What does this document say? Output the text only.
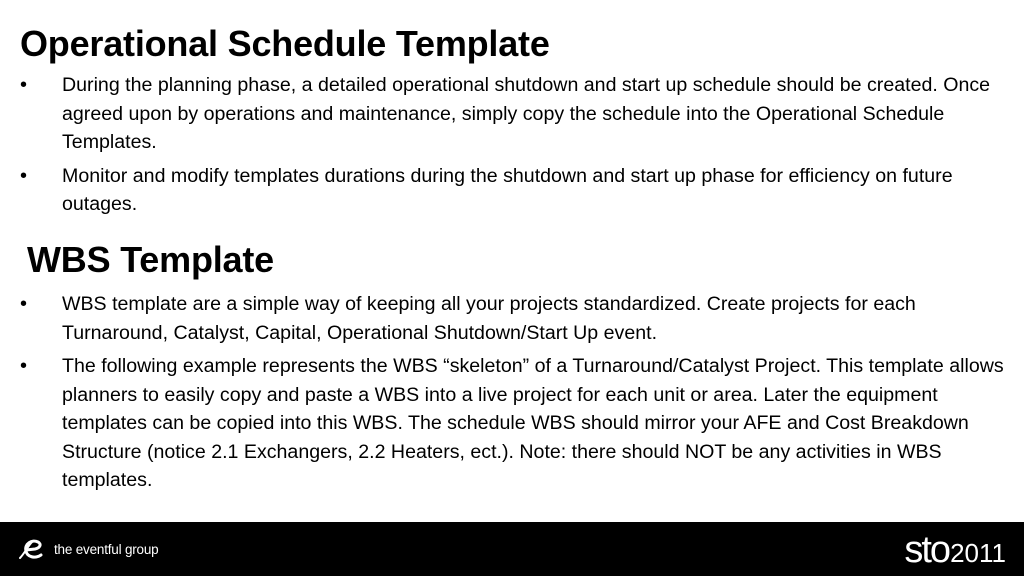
Operational Schedule Template
• During the planning phase, a detailed operational shutdown and start up schedule should be created. Once agreed upon by operations and maintenance, simply copy the schedule into the Operational Schedule Templates.
• Monitor and modify templates durations during the shutdown and start up phase for efficiency on future outages.
WBS Template
• WBS template are a simple way of keeping all your projects standardized. Create projects for each Turnaround, Catalyst, Capital, Operational Shutdown/Start Up event.
• The following example represents the WBS “skeleton” of a Turnaround/Catalyst Project. This template allows planners to easily copy and paste a WBS into a live project for each unit or area. Later the equipment templates can be copied into this WBS. The schedule WBS should mirror your AFE and Cost Breakdown Structure (notice 2.1 Exchangers, 2.2 Heaters, ect.). Note: there should NOT be any activities in WBS templates.
the eventful group	sto 2011
